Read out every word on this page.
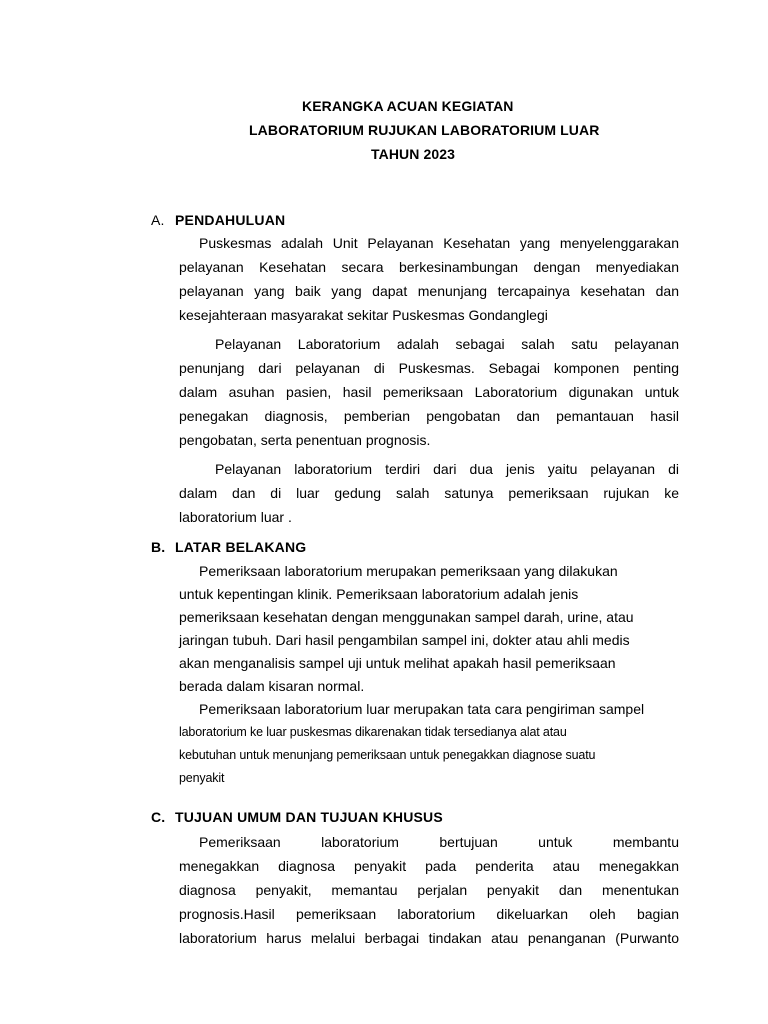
KERANGKA ACUAN KEGIATAN
LABORATORIUM RUJUKAN LABORATORIUM LUAR
TAHUN 2023
A. PENDAHULUAN
Puskesmas adalah Unit Pelayanan Kesehatan yang menyelenggarakan
pelayanan Kesehatan secara berkesinambungan dengan menyediakan
pelayanan yang baik yang dapat menunjang tercapainya kesehatan dan
kesejahteraan masyarakat sekitar Puskesmas Gondanglegi
Pelayanan Laboratorium adalah sebagai salah satu pelayanan
penunjang dari pelayanan di Puskesmas. Sebagai komponen penting
dalam asuhan pasien, hasil pemeriksaan Laboratorium digunakan untuk
penegakan diagnosis, pemberian pengobatan dan pemantauan hasil
pengobatan, serta penentuan prognosis.
Pelayanan laboratorium terdiri dari dua jenis yaitu pelayanan di
dalam dan di luar gedung salah satunya pemeriksaan rujukan ke
laboratorium luar .
B. LATAR BELAKANG
Pemeriksaan laboratorium merupakan pemeriksaan yang dilakukan
untuk kepentingan klinik. Pemeriksaan laboratorium adalah jenis
pemeriksaan kesehatan dengan menggunakan sampel darah, urine, atau
jaringan tubuh. Dari hasil pengambilan sampel ini, dokter atau ahli medis
akan menganalisis sampel uji untuk melihat apakah hasil pemeriksaan
berada dalam kisaran normal.
Pemeriksaan laboratorium luar merupakan tata cara pengiriman sampel
laboratorium ke luar puskesmas dikarenakan tidak tersedianya alat atau
kebutuhan untuk menunjang pemeriksaan untuk penegakkan diagnose suatu
penyakit
C. TUJUAN UMUM DAN TUJUAN KHUSUS
Pemeriksaan laboratorium bertujuan untuk membantu
menegakkan diagnosa penyakit pada penderita atau menegakkan
diagnosa penyakit, memantau perjalan penyakit dan menentukan
prognosis.Hasil pemeriksaan laboratorium dikeluarkan oleh bagian
laboratorium harus melalui berbagai tindakan atau penanganan (Purwanto
